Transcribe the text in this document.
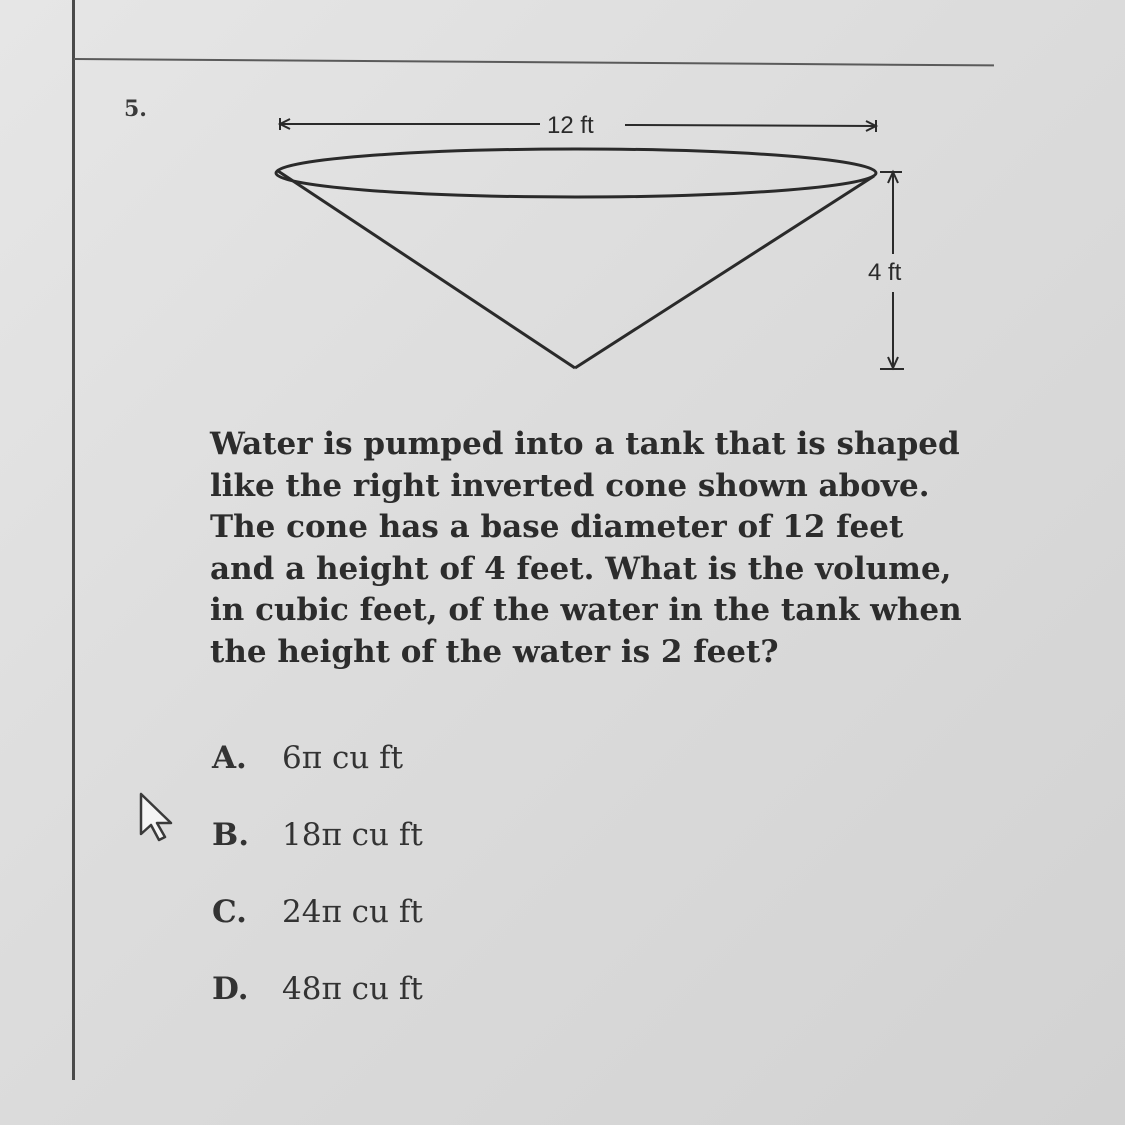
5.
12 ft
4 ft

Water is pumped into a tank that is shaped like the right inverted cone shown above. The cone has a base diameter of 12 feet and a height of 4 feet. What is the volume, in cubic feet, of the water in the tank when the height of the water is 2 feet?

A. 6π cu ft
B. 18π cu ft
C. 24π cu ft
D. 48π cu ft
